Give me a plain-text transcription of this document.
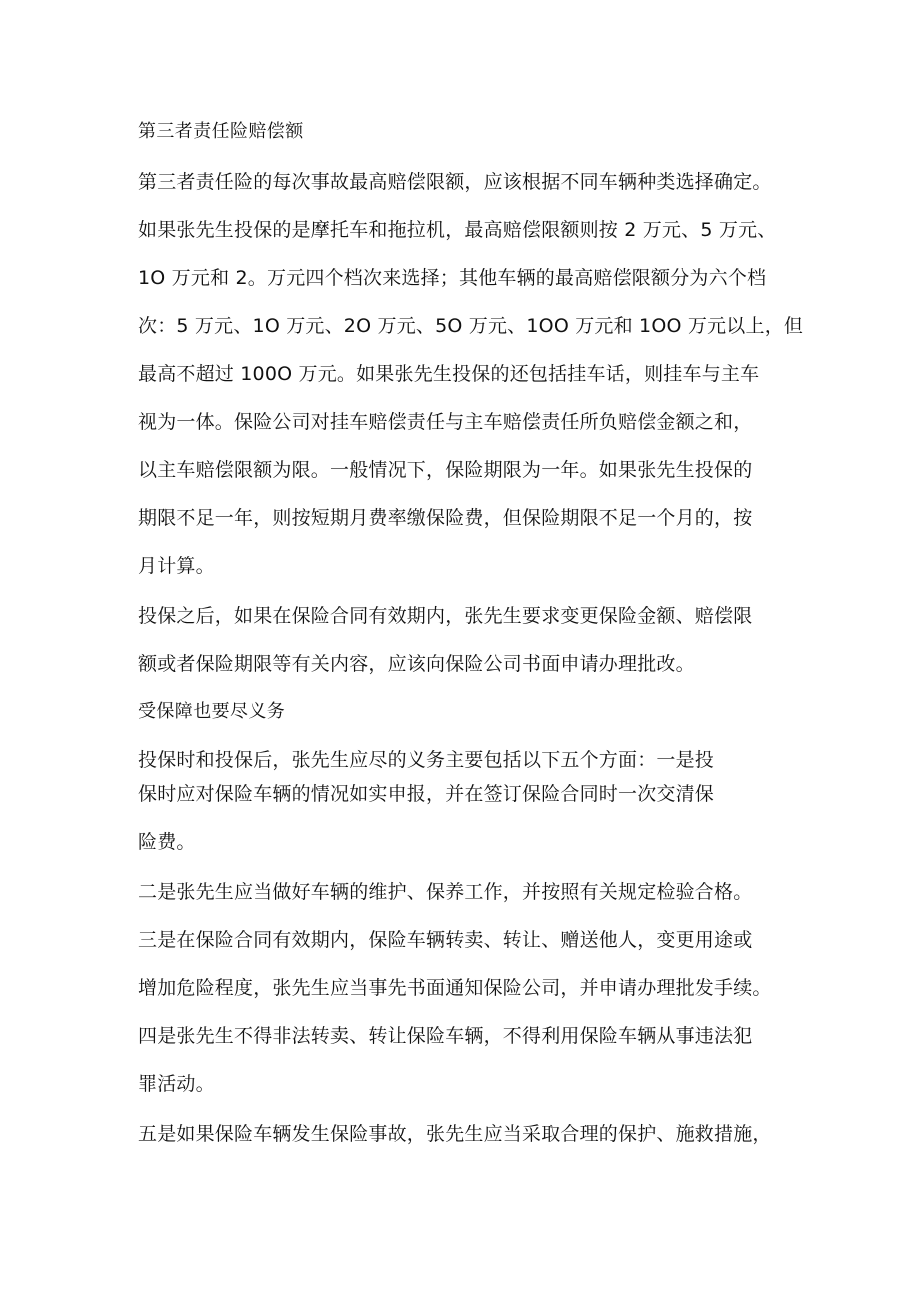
第三者责任险赔偿额

第三者责任险的每次事故最高赔偿限额，应该根据不同车辆种类选择确定。

如果张先生投保的是摩托车和拖拉机，最高赔偿限额则按 2 万元、5 万元、

1O 万元和 2。万元四个档次来选择；其他车辆的最高赔偿限额分为六个档

次：5 万元、1O 万元、2O 万元、5O 万元、1OO 万元和 1OO 万元以上，但

最高不超过 100O 万元。如果张先生投保的还包括挂车话，则挂车与主车

视为一体。保险公司对挂车赔偿责任与主车赔偿责任所负赔偿金额之和，

以主车赔偿限额为限。一般情况下，保险期限为一年。如果张先生投保的

期限不足一年，则按短期月费率缴保险费，但保险期限不足一个月的，按

月计算。

投保之后，如果在保险合同有效期内，张先生要求变更保险金额、赔偿限

额或者保险期限等有关内容，应该向保险公司书面申请办理批改。

受保障也要尽义务

投保时和投保后，张先生应尽的义务主要包括以下五个方面：一是投

保时应对保险车辆的情况如实申报，并在签订保险合同时一次交清保

险费。

二是张先生应当做好车辆的维护、保养工作，并按照有关规定检验合格。

三是在保险合同有效期内，保险车辆转卖、转让、赠送他人，变更用途或

增加危险程度，张先生应当事先书面通知保险公司，并申请办理批发手续。

四是张先生不得非法转卖、转让保险车辆，不得利用保险车辆从事违法犯

罪活动。

五是如果保险车辆发生保险事故，张先生应当采取合理的保护、施救措施，
